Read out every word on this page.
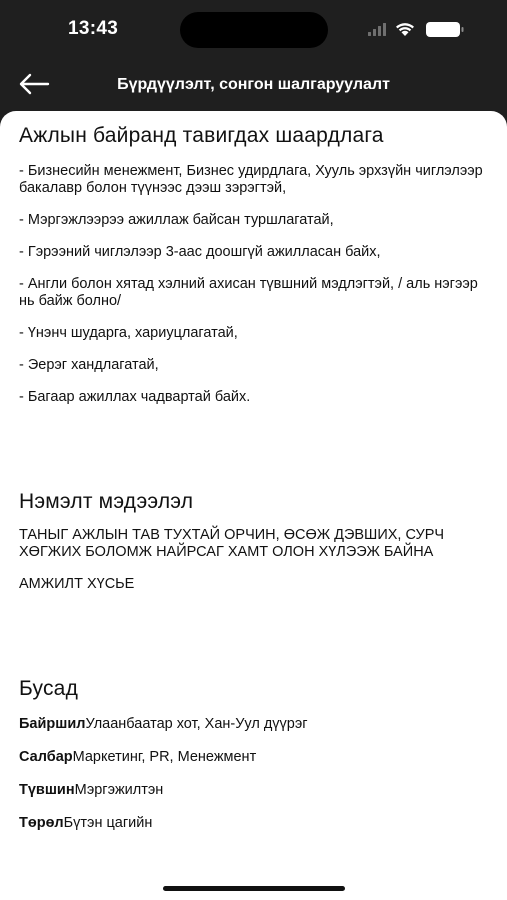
13:43
Бүрдүүлэлт, сонгон шалгаруулалт
Ажлын байранд тавигдах шаардлага
- Бизнесийн менежмент, Бизнес удирдлага, Хууль эрхзүйн чиглэлээр бакалавр болон түүнээс дээш зэрэгтэй,
- Мэргэжлээрээ ажиллаж байсан туршлагатай,
- Гэрээний чиглэлээр 3-аас доошгүй ажилласан байх,
- Англи болон хятад хэлний ахисан түвшний мэдлэгтэй, / аль нэгээр нь байж болно/
- Үнэнч шударга, хариуцлагатай,
- Эерэг хандлагатай,
- Багаар ажиллах чадвартай байх.
Нэмэлт мэдээлэл
ТАНЫГ АЖЛЫН ТАВ ТУХТАЙ ОРЧИН, ӨСӨЖ ДЭВШИХ, СУРЧ ХӨГЖИХ БОЛОМЖ НАЙРСАГ ХАМТ ОЛОН ХҮЛЭЭЖ БАЙНА
АМЖИЛТ ХҮСЬЕ
Бусад
БайршилУлаанбаатар хот, Хан-Уул дүүрэг
СалбарМаркетинг, PR, Менежмент
ТүвшинМэргэжилтэн
ТөрөлБүтэн цагийн
